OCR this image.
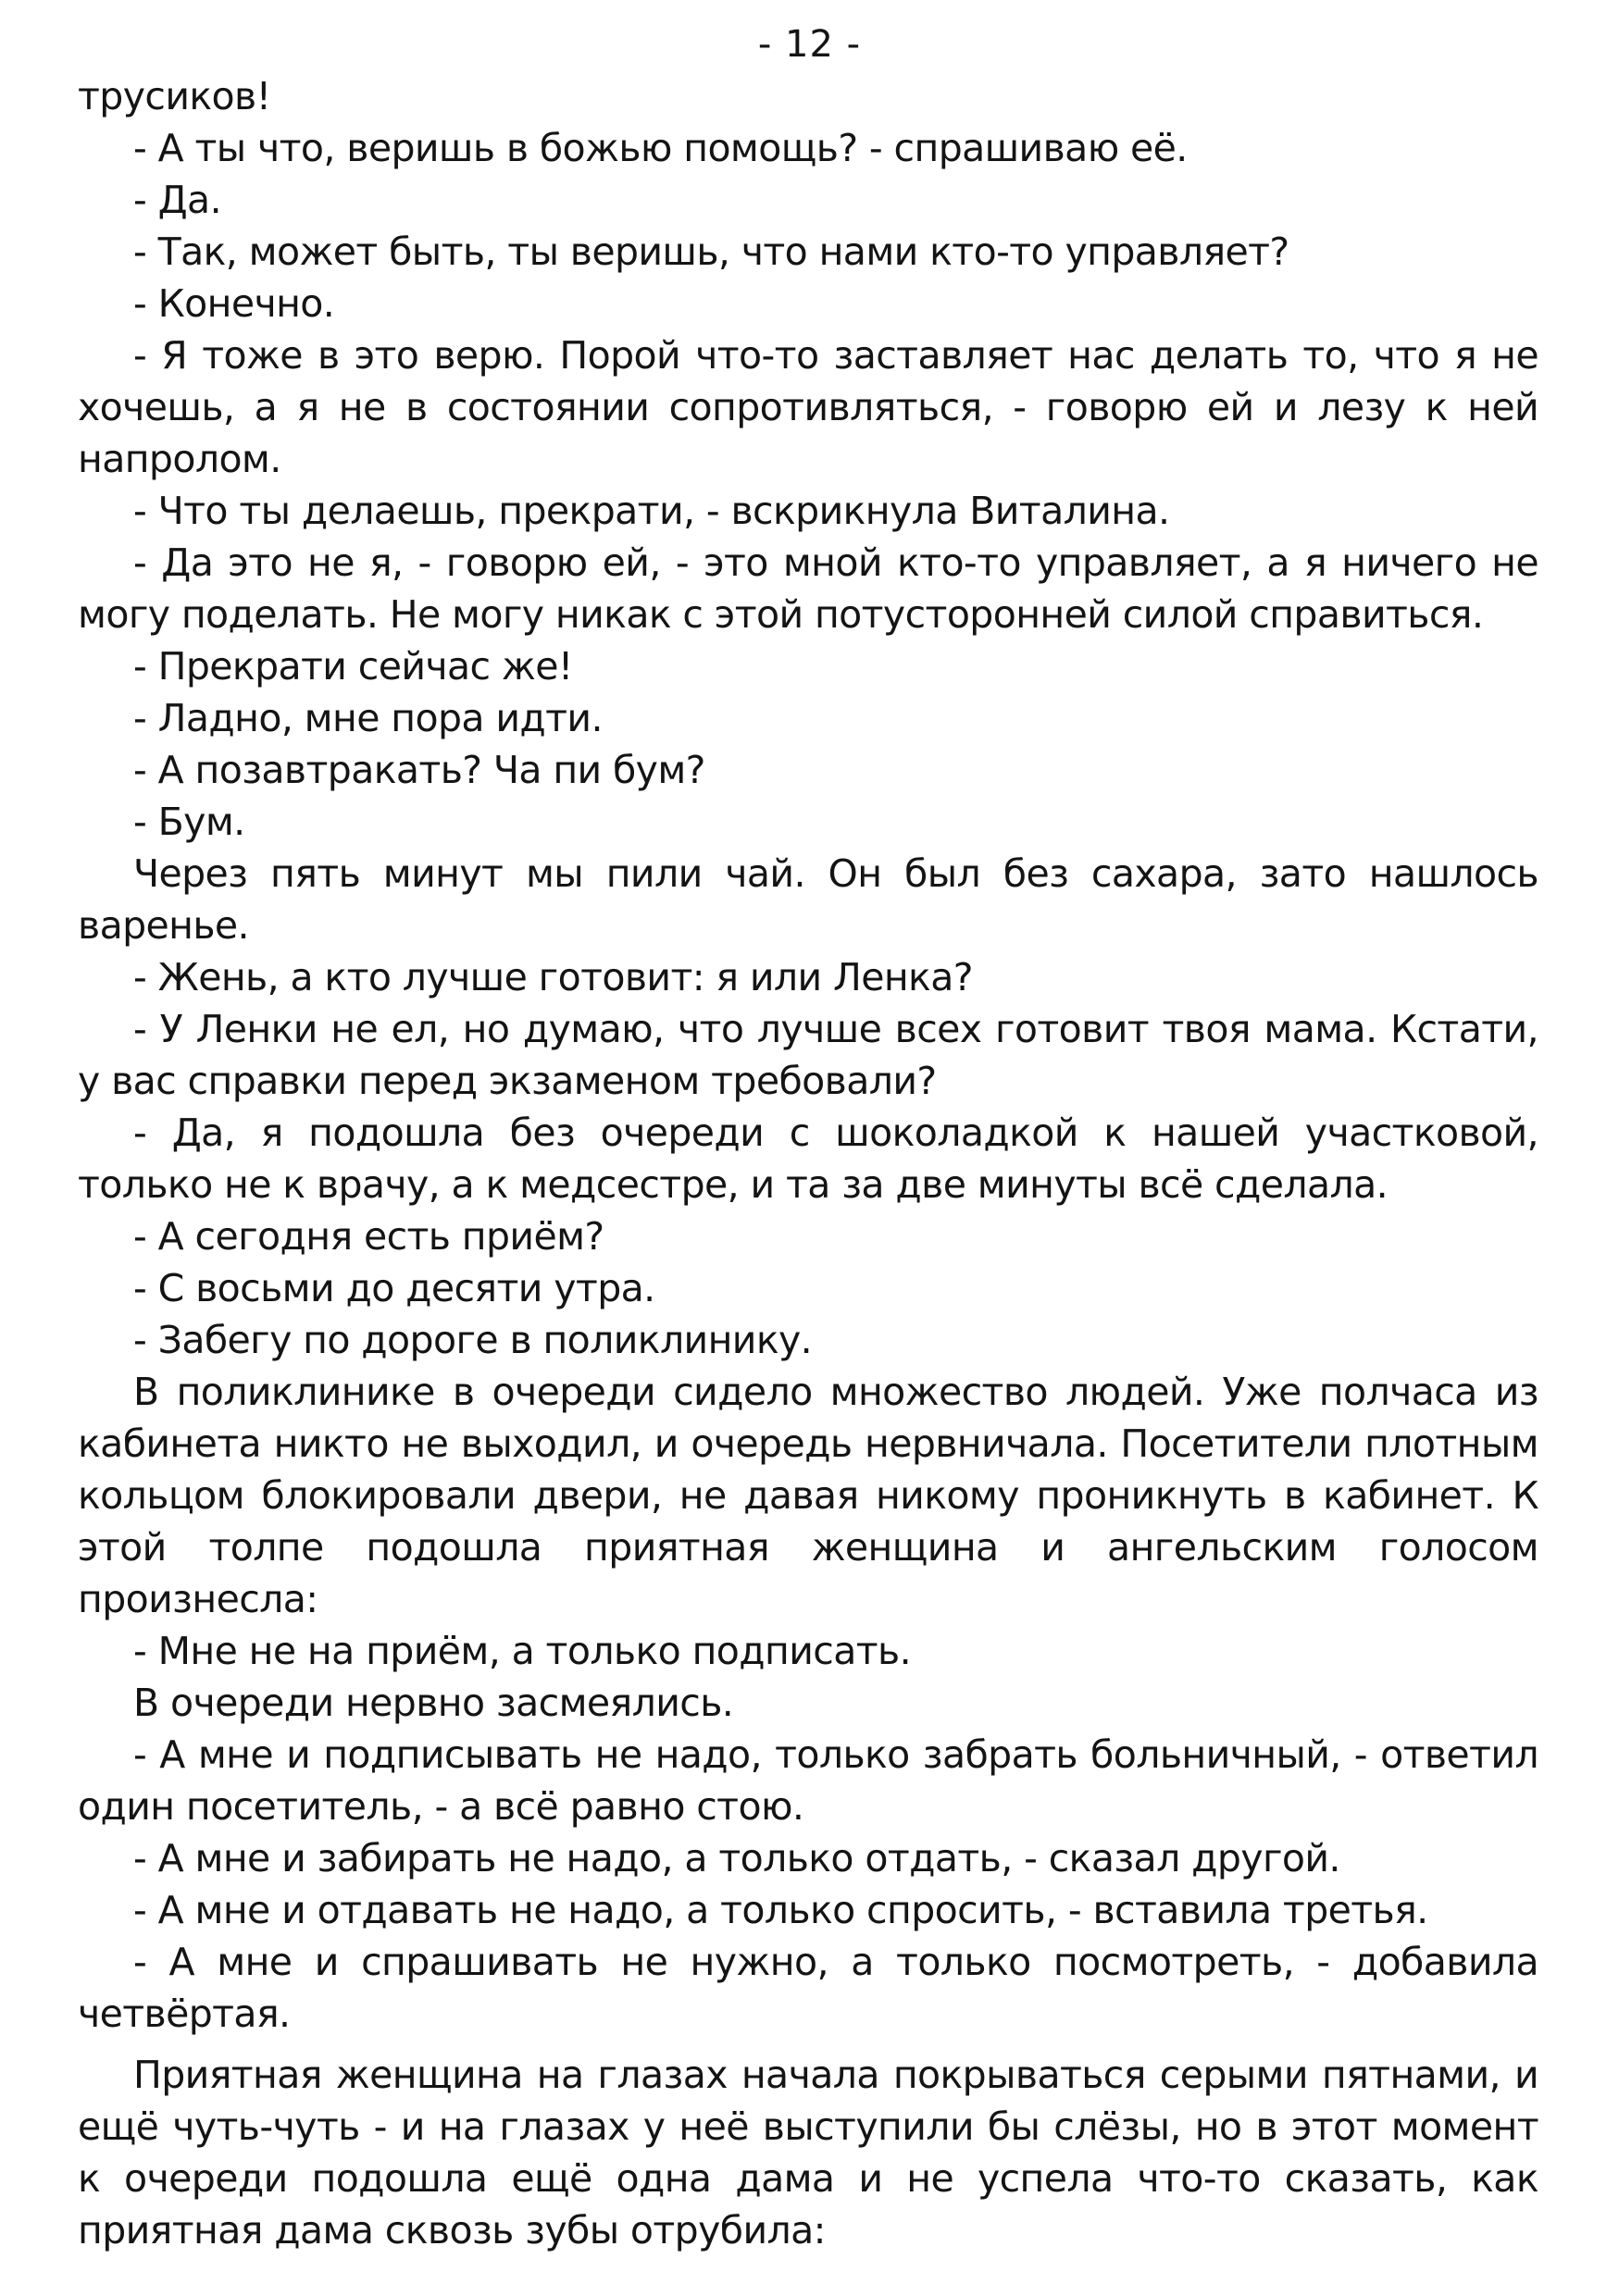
- 12 -

трусиков!

- А ты что, веришь в божью помощь? - спрашиваю её.

- Да.

- Так, может быть, ты веришь, что нами кто-то управляет?

- Конечно.

- Я тоже в это верю. Порой что-то заставляет нас делать то, что я не хочешь, а я не в состоянии сопротивляться, - говорю ей и лезу к ней напролом.

- Что ты делаешь, прекрати, - вскрикнула Виталина.

- Да это не я, - говорю ей, - это мной кто-то управляет, а я ничего не могу поделать. Не могу никак с этой потусторонней силой справиться.

- Прекрати сейчас же!

- Ладно, мне пора идти.

- А позавтракать? Ча пи бум?

- Бум.

Через пять минут мы пили чай. Он был без сахара, зато нашлось варенье.

- Жень, а кто лучше готовит: я или Ленка?

- У Ленки не ел, но думаю, что лучше всех готовит твоя мама. Кстати, у вас справки перед экзаменом требовали?

- Да, я подошла без очереди с шоколадкой к нашей участковой, только не к врачу, а к медсестре, и та за две минуты всё сделала.

- А сегодня есть приём?

- С восьми до десяти утра.

- Забегу по дороге в поликлинику.

В поликлинике в очереди сидело множество людей. Уже полчаса из кабинета никто не выходил, и очередь нервничала. Посетители плотным кольцом блокировали двери, не давая никому проникнуть в кабинет. К этой толпе подошла приятная женщина и ангельским голосом произнесла:

- Мне не на приём, а только подписать.

В очереди нервно засмеялись.

- А мне и подписывать не надо, только забрать больничный, - ответил один посетитель, - а всё равно стою.

- А мне и забирать не надо, а только отдать, - сказал другой.

- А мне и отдавать не надо, а только спросить, - вставила третья.

- А мне и спрашивать не нужно, а только посмотреть, - добавила четвёртая.

Приятная женщина на глазах начала покрываться серыми пятнами, и ещё чуть-чуть - и на глазах у неё выступили бы слёзы, но в этот момент к очереди подошла ещё одна дама и не успела что-то сказать, как приятная дама сквозь зубы отрубила:
